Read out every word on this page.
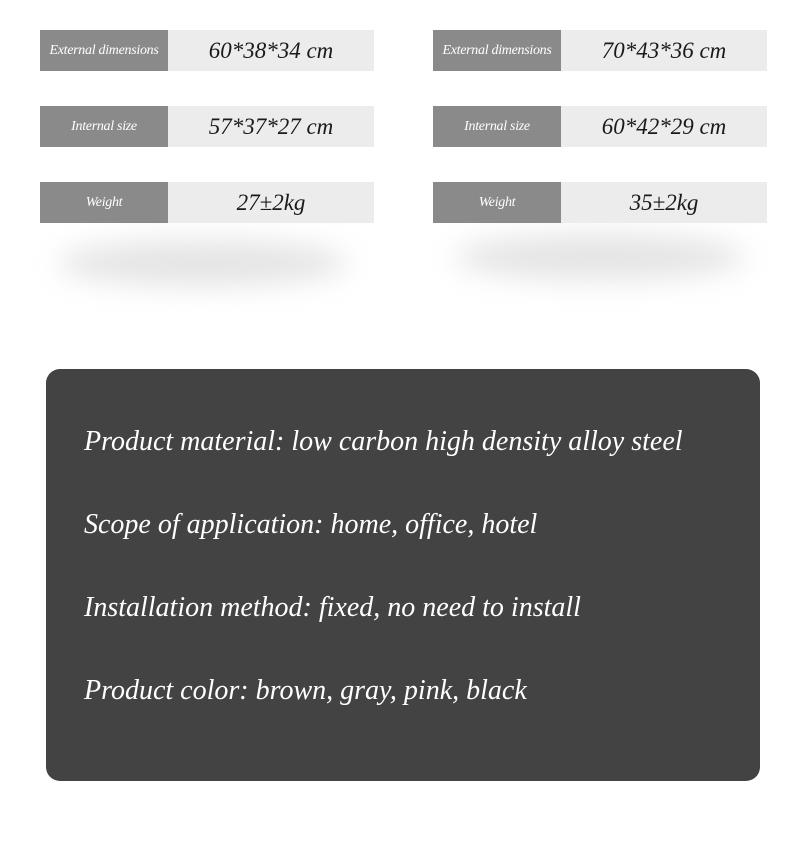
External dimensions	60*38*34 cm
Internal size	57*37*27 cm
Weight	27±2kg
External dimensions	70*43*36 cm
Internal size	60*42*29 cm
Weight	35±2kg
Product material: low carbon high density alloy steel
Scope of application: home, office, hotel
Installation method: fixed, no need to install
Product color: brown, gray, pink, black
